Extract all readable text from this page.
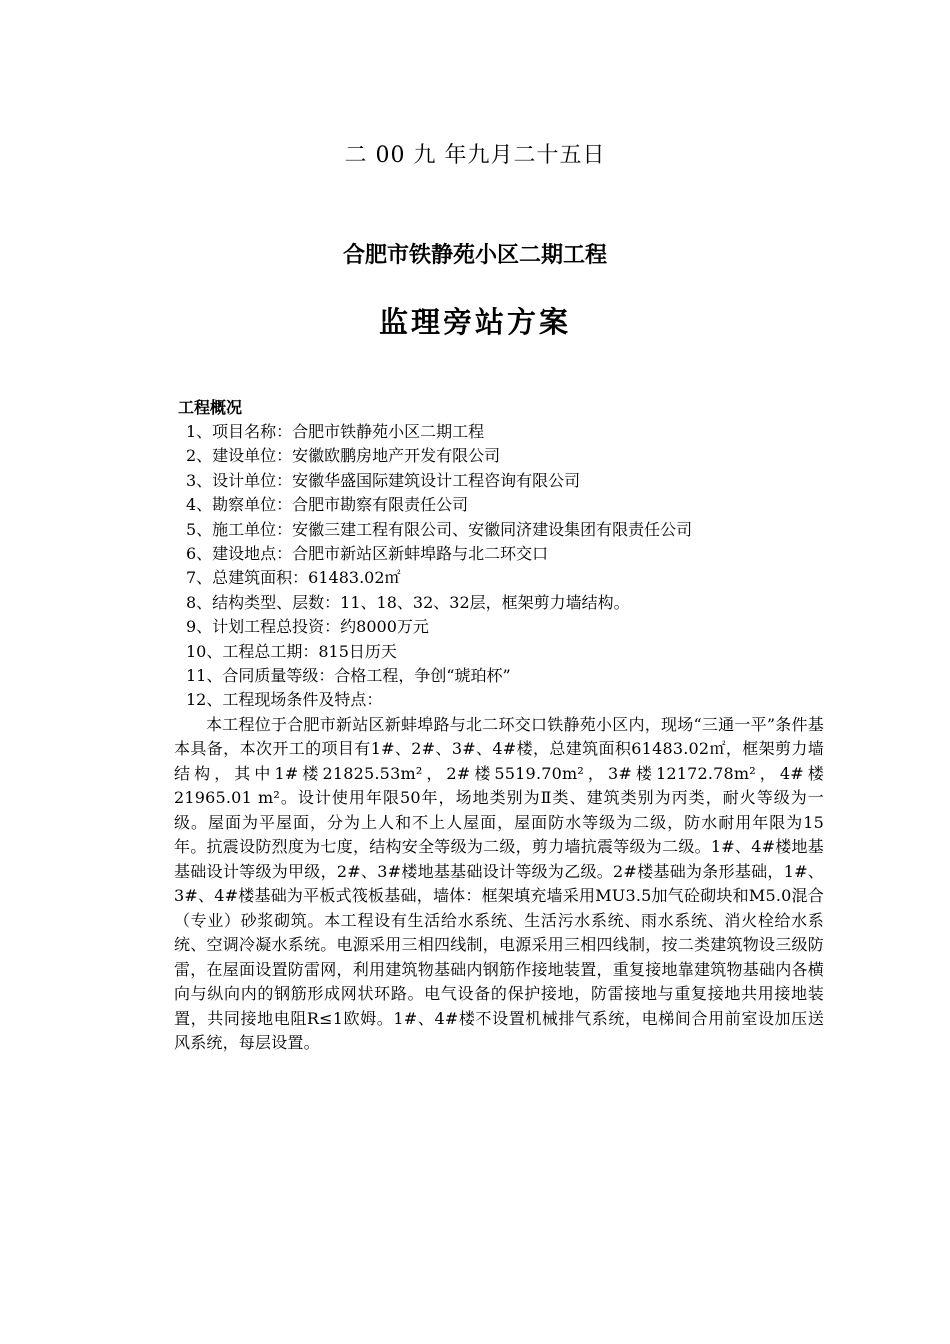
二 00 九 年九月二十五日
合肥市铁静苑小区二期工程
监理旁站方案
工程概况
1、项目名称：合肥市铁静苑小区二期工程
2、建设单位：安徽欧鹏房地产开发有限公司
3、设计单位：安徽华盛国际建筑设计工程咨询有限公司
4、勘察单位：合肥市勘察有限责任公司
5、施工单位：安徽三建工程有限公司、安徽同济建设集团有限责任公司
6、建设地点：合肥市新站区新蚌埠路与北二环交口
7、总建筑面积：61483.02㎡
8、结构类型、层数：11、18、32、32层，框架剪力墙结构。
9、计划工程总投资：约8000万元
10、工程总工期：815日历天
11、合同质量等级：合格工程，争创“琥珀杯”
12、工程现场条件及特点：

本工程位于合肥市新站区新蚌埠路与北二环交口铁静苑小区内，现场“三通一平”条件基本具备，本次开工的项目有1#、2#、3#、4#楼，总建筑面积61483.02㎡，框架剪力墙结构，其中1#楼21825.53m²，2#楼5519.70m²，3#楼12172.78m²，4#楼21965.01 m²。设计使用年限50年，场地类别为Ⅱ类、建筑类别为丙类，耐火等级为一级。屋面为平屋面，分为上人和不上人屋面，屋面防水等级为二级，防水耐用年限为15年。抗震设防烈度为七度，结构安全等级为二级，剪力墙抗震等级为二级。1#、4#楼地基基础设计等级为甲级，2#、3#楼地基基础设计等级为乙级。2#楼基础为条形基础，1#、3#、4#楼基础为平板式筏板基础，墙体：框架填充墙采用MU3.5加气砼砌块和M5.0混合（专业）砂浆砌筑。本工程设有生活给水系统、生活污水系统、雨水系统、消火栓给水系统、空调冷凝水系统。电源采用三相四线制，电源采用三相四线制，按二类建筑物设三级防雷，在屋面设置防雷网，利用建筑物基础内钢筋作接地装置，重复接地靠建筑物基础内各横向与纵向内的钢筋形成网状环路。电气设备的保护接地，防雷接地与重复接地共用接地装置，共同接地电阻R≤1欧姆。1#、4#楼不设置机械排气系统，电梯间合用前室设加压送风系统，每层设置。
